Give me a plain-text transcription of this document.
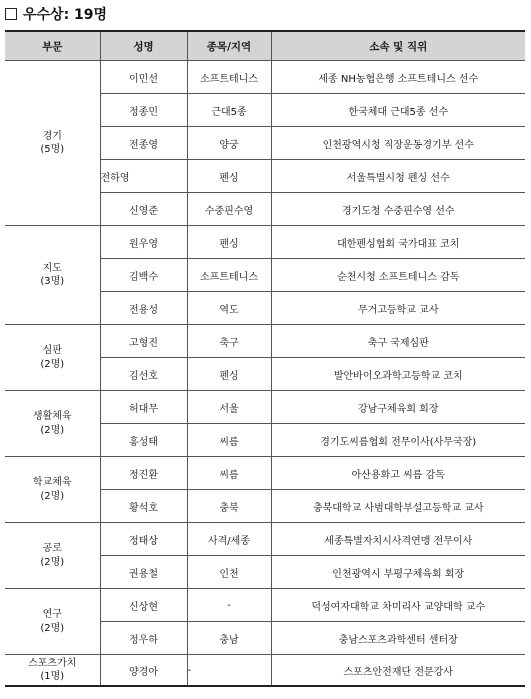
우수상: 19명
부문	성명	종목/지역	소속 및 직위

경기
(5명)	이민선	소프트테니스	세종 NH농협은행 소프트테니스 선수
	정종민	근대5종	한국체대 근대5종 선수
	전종영	양궁	인천광역시청 직장운동경기부 선수
	전하영	펜싱	서울특별시청 펜싱 선수
	신영준	수중핀수영	경기도청 수중핀수영 선수

지도
(3명)	원우영	펜싱	대한펜싱협회 국가대표 코치
	김백수	소프트테니스	순천시청 소프트테니스 감독
	전용성	역도	무거고등학교 교사

심판
(2명)	고형진	축구	축구 국제심판
	김선호	펜싱	발안바이오과학고등학교 코치

생활체육
(2명)	허대무	서울	강남구체육회 회장
	홍성태	씨름	경기도씨름협회 전무이사(사무국장)

학교체육
(2명)	정진환	씨름	아산용화고 씨름 감독
	황석호	충북	충북대학교 사범대학부설고등학교 교사

공로
(2명)	정태상	사격/세종	세종특별자치시사격연맹 전무이사
	권용철	인천	인천광역시 부평구체육회 회장

연구
(2명)	신상현	-	덕성여자대학교 차미리사 교양대학 교수
	정우하	충남	충남스포츠과학센터 센터장

스포츠가치
(1명)	양경아	-	스포츠안전재단 전문강사
